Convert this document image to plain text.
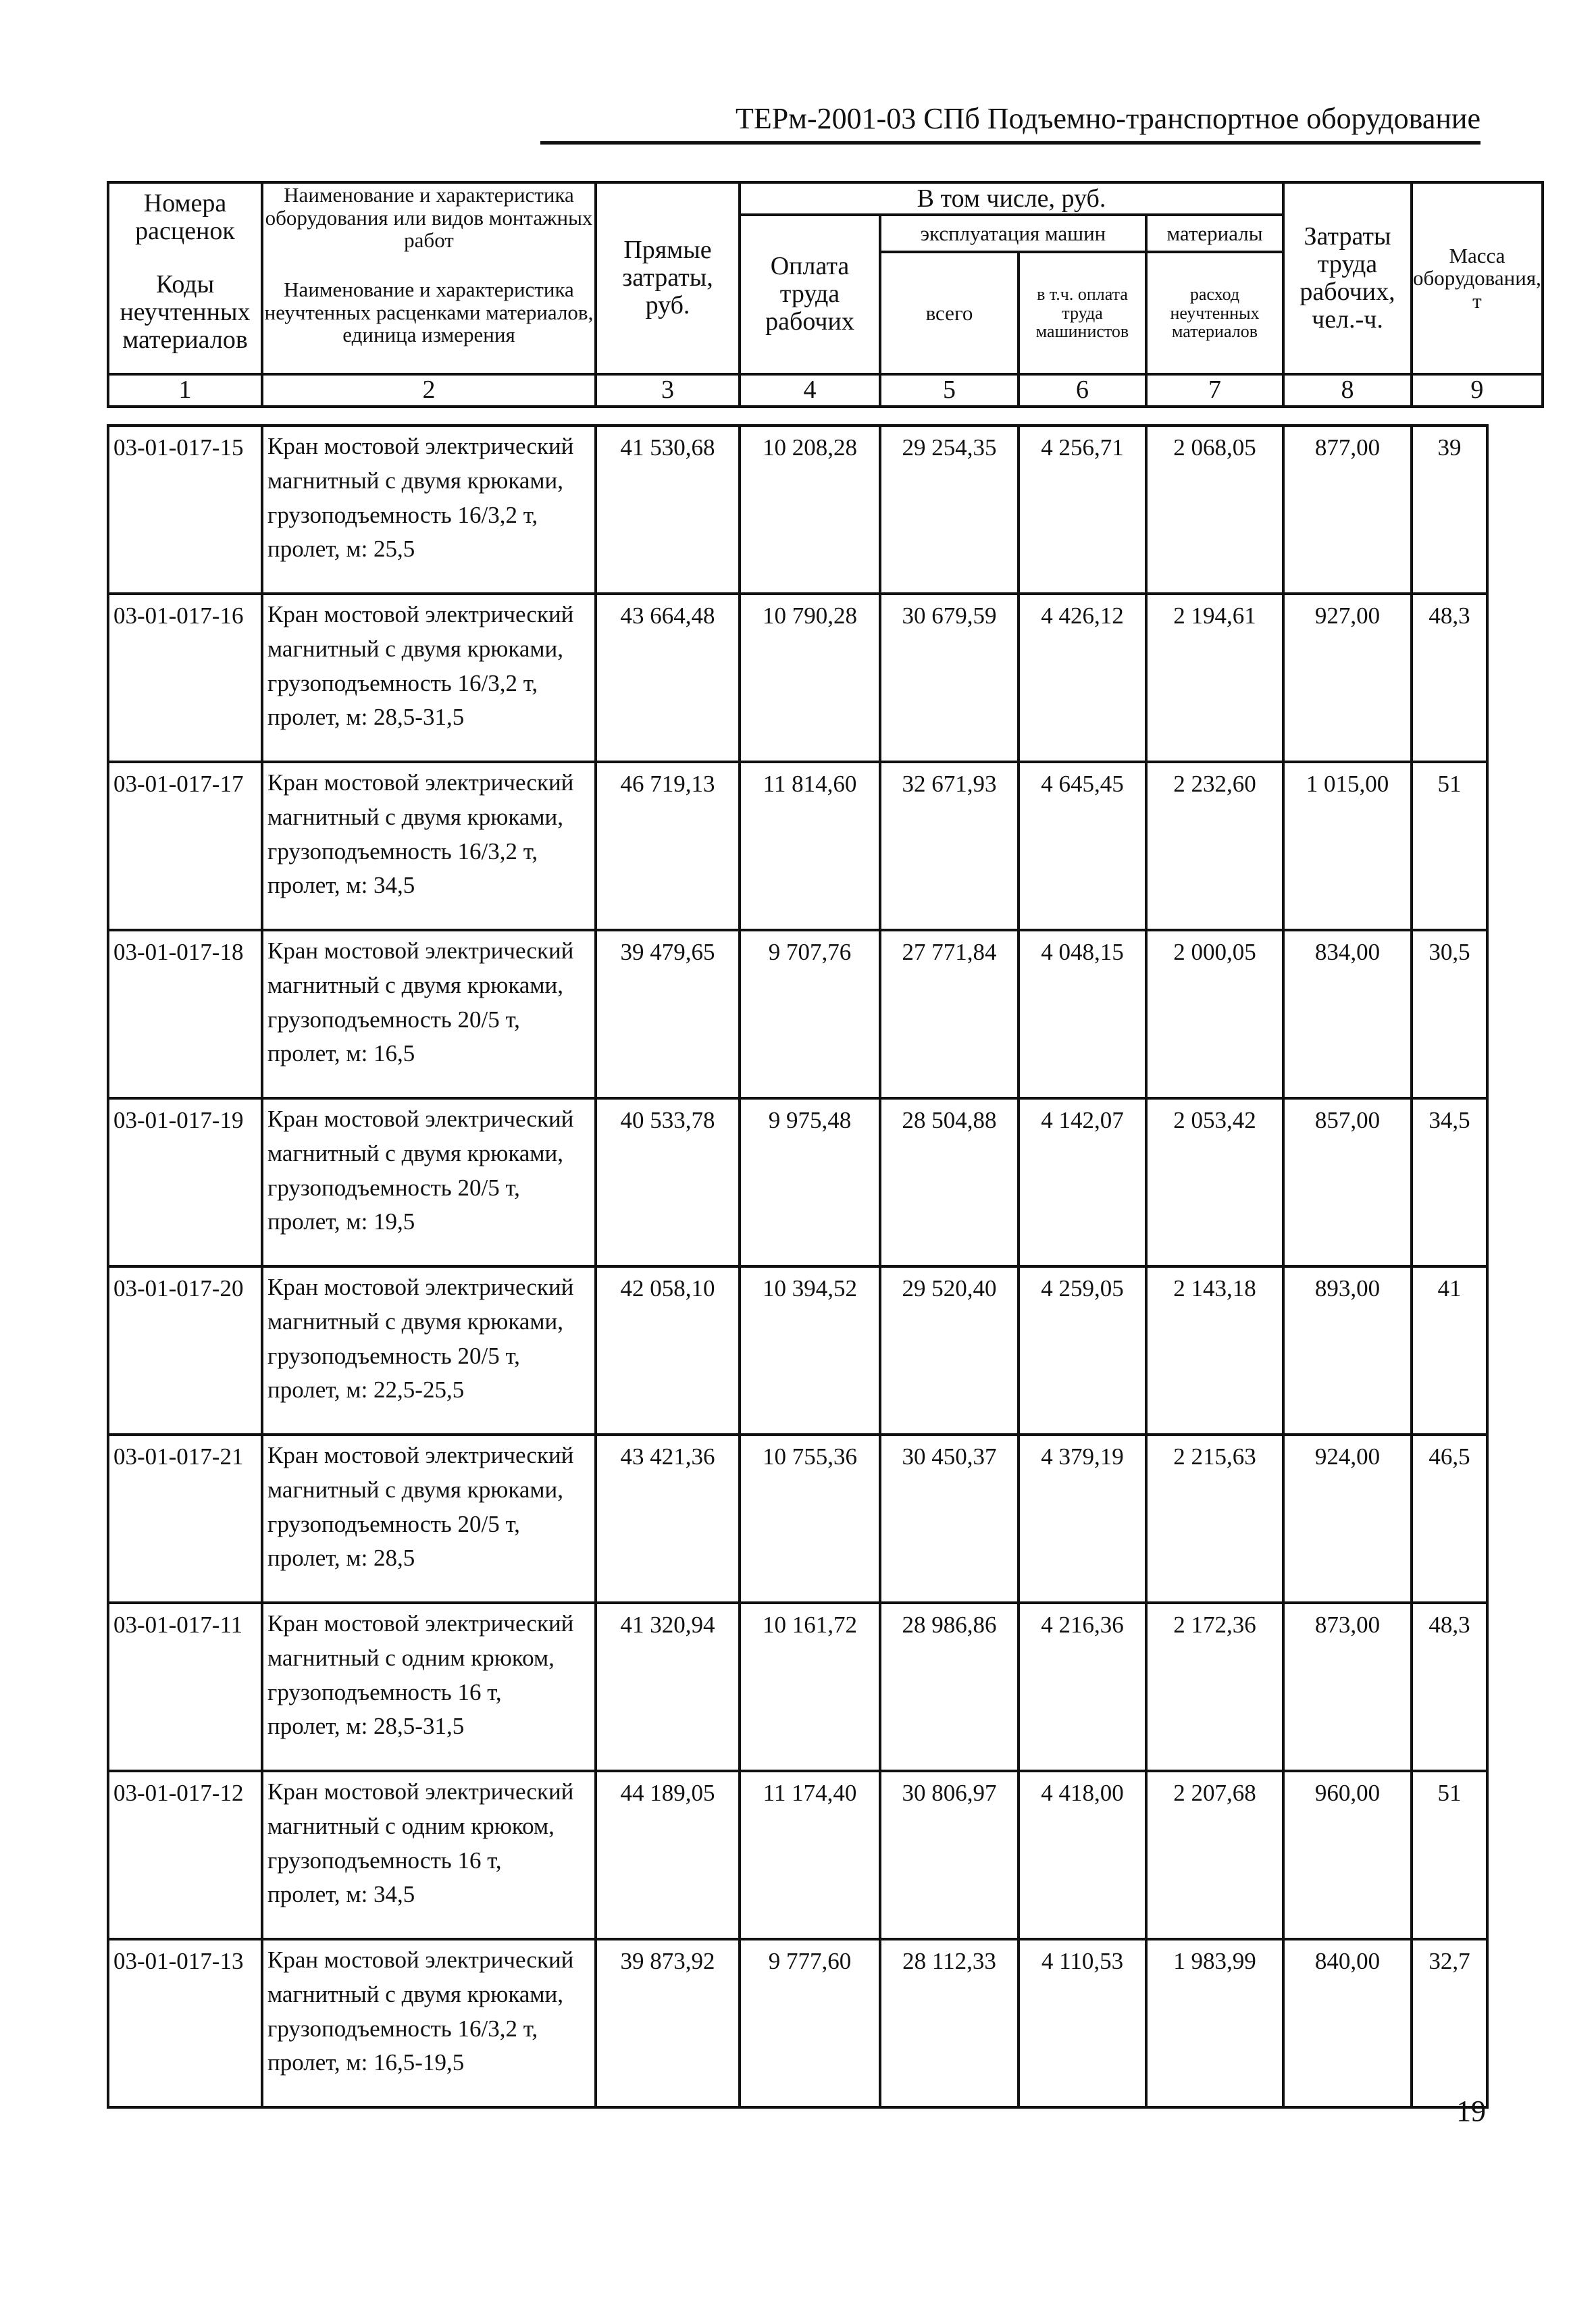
ТЕРм-2001-03 СПб Подъемно-транспортное оборудование
Номера расценок	Наименование и характеристика оборудования или видов монтажных работ	Прямые затраты, руб.	В том числе, руб.				Затраты труда рабочих, чел.-ч.	Масса оборудования, т
			Оплата труда рабочих	эксплуатация машин		материалы		
Коды неучтенных материалов	Наименование и характеристика неучтенных расценками материалов, единица измерения			всего	в т.ч. оплата труда машинистов	расход неучтенных материалов		

1	2	3	4	5	6	7	8	9
03-01-017-15	Кран мостовой электрический
магнитный с двумя крюками,
грузоподъемность 16/3,2 т,
пролет, м: 25,5	41 530,68	10 208,28	29 254,35	4 256,71	2 068,05	877,00	39
03-01-017-16	Кран мостовой электрический
магнитный с двумя крюками,
грузоподъемность 16/3,2 т,
пролет, м: 28,5-31,5	43 664,48	10 790,28	30 679,59	4 426,12	2 194,61	927,00	48,3
03-01-017-17	Кран мостовой электрический
магнитный с двумя крюками,
грузоподъемность 16/3,2 т,
пролет, м: 34,5	46 719,13	11 814,60	32 671,93	4 645,45	2 232,60	1 015,00	51
03-01-017-18	Кран мостовой электрический
магнитный с двумя крюками,
грузоподъемность 20/5 т,
пролет, м: 16,5	39 479,65	9 707,76	27 771,84	4 048,15	2 000,05	834,00	30,5
03-01-017-19	Кран мостовой электрический
магнитный с двумя крюками,
грузоподъемность 20/5 т,
пролет, м: 19,5	40 533,78	9 975,48	28 504,88	4 142,07	2 053,42	857,00	34,5
03-01-017-20	Кран мостовой электрический
магнитный с двумя крюками,
грузоподъемность 20/5 т,
пролет, м: 22,5-25,5	42 058,10	10 394,52	29 520,40	4 259,05	2 143,18	893,00	41
03-01-017-21	Кран мостовой электрический
магнитный с двумя крюками,
грузоподъемность 20/5 т,
пролет, м: 28,5	43 421,36	10 755,36	30 450,37	4 379,19	2 215,63	924,00	46,5
03-01-017-11	Кран мостовой электрический
магнитный с одним крюком,
грузоподъемность 16 т,
пролет, м: 28,5-31,5	41 320,94	10 161,72	28 986,86	4 216,36	2 172,36	873,00	48,3
03-01-017-12	Кран мостовой электрический
магнитный с одним крюком,
грузоподъемность 16 т,
пролет, м: 34,5	44 189,05	11 174,40	30 806,97	4 418,00	2 207,68	960,00	51
03-01-017-13	Кран мостовой электрический
магнитный с двумя крюками,
грузоподъемность 16/3,2 т,
пролет, м: 16,5-19,5	39 873,92	9 777,60	28 112,33	4 110,53	1 983,99	840,00	32,7
19
